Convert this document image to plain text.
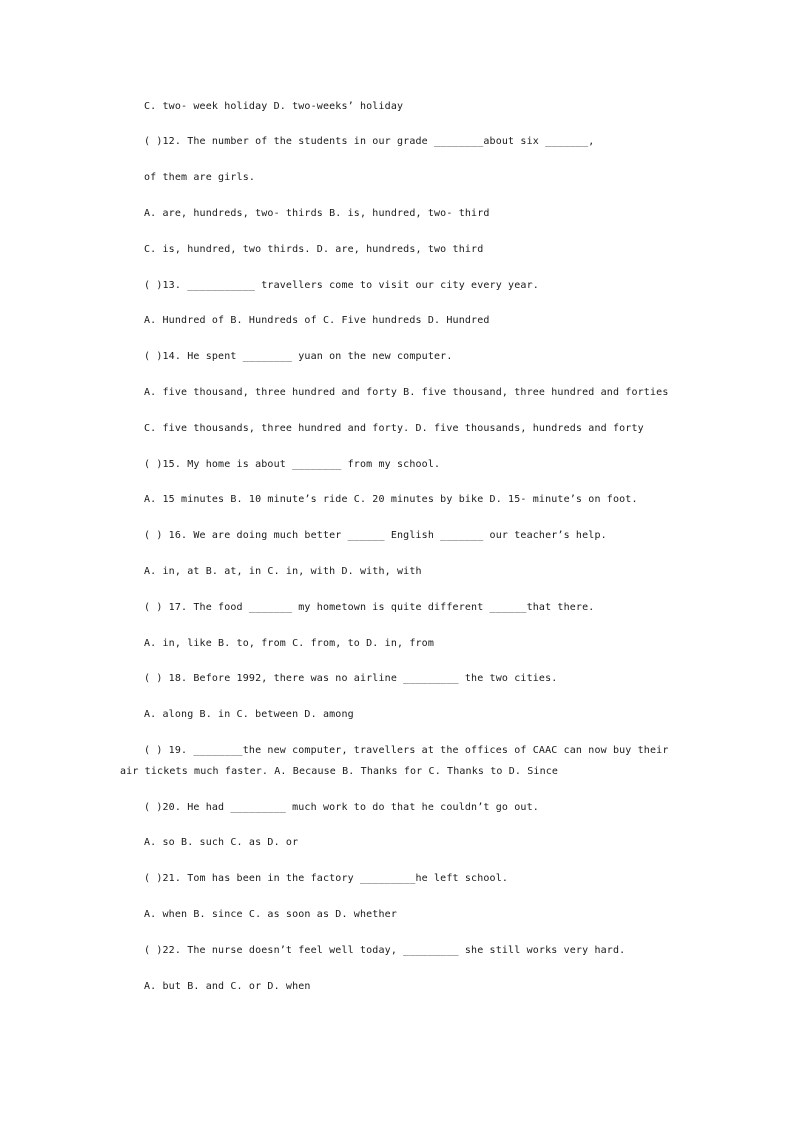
C. two- week holiday D. two-weeks’ holiday
( )12. The number of the students in our grade ________about six _______,
of them are girls.
A. are, hundreds, two- thirds B. is, hundred, two- third
C. is, hundred, two thirds. D. are, hundreds, two third
( )13. ___________ travellers come to visit our city every year.
A. Hundred of B. Hundreds of C. Five hundreds D. Hundred
( )14. He spent ________ yuan on the new computer.
A. five thousand, three hundred and forty B. five thousand, three hundred and forties
C. five thousands, three hundred and forty. D. five thousands, hundreds and forty
( )15. My home is about ________ from my school.
A. 15 minutes B. 10 minute’s ride C. 20 minutes by bike D. 15- minute’s on foot.
( ) 16. We are doing much better ______ English _______ our teacher’s help.
A. in, at B. at, in C. in, with D. with, with
( ) 17. The food _______ my hometown is quite different ______that there.
A. in, like B. to, from C. from, to D. in, from
( ) 18. Before 1992, there was no airline _________ the two cities.
A. along B. in C. between D. among
( ) 19. ________the new computer, travellers at the offices of CAAC can now buy their air tickets much faster. A. Because B. Thanks for C. Thanks to D. Since
( )20. He had _________ much work to do that he couldn’t go out.
A. so B. such C. as D. or
( )21. Tom has been in the factory _________he left school.
A. when B. since C. as soon as D. whether
( )22. The nurse doesn’t feel well today, _________ she still works very hard.
A. but B. and C. or D. when
